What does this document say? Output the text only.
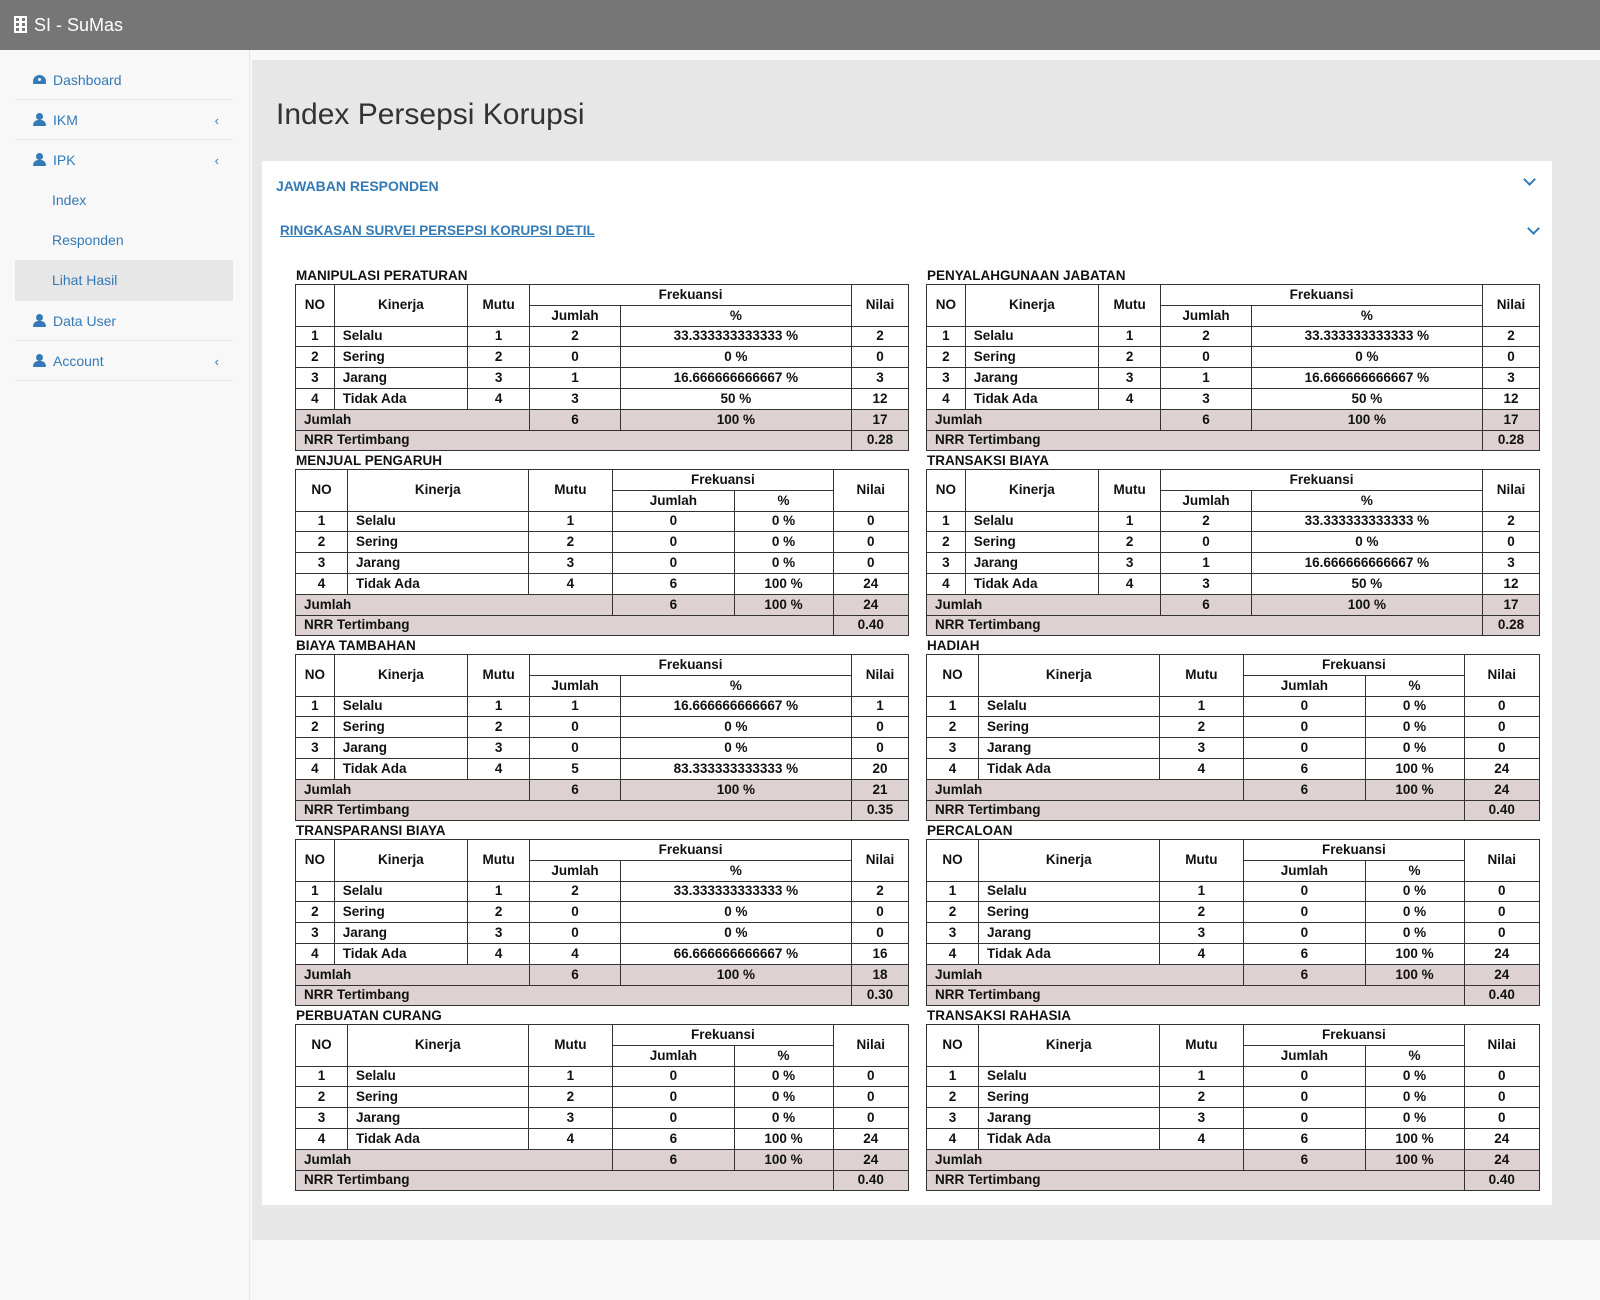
SI - SuMas
Dashboard
IKM	‹
IPK	‹
Index
Responden
Lihat Hasil
Data User
Account	‹
Index Persepsi Korupsi
JAWABAN RESPONDEN
RINGKASAN SURVEI PERSEPSI KORUPSI DETIL
MANIPULASI PERATURAN
NO	Kinerja	Mutu	Frekuansi		Nilai
			Jumlah	%	
1	Selalu	1	2	33.333333333333 %	2
2	Sering	2	0	0 %	0
3	Jarang	3	1	16.666666666667 %	3
4	Tidak Ada	4	3	50 %	12
Jumlah			6	100 %	17
NRR Tertimbang					0.28
PENYALAHGUNAAN JABATAN
NO	Kinerja	Mutu	Frekuansi		Nilai
			Jumlah	%	
1	Selalu	1	2	33.333333333333 %	2
2	Sering	2	0	0 %	0
3	Jarang	3	1	16.666666666667 %	3
4	Tidak Ada	4	3	50 %	12
Jumlah			6	100 %	17
NRR Tertimbang					0.28
MENJUAL PENGARUH
NO	Kinerja	Mutu	Frekuansi		Nilai
			Jumlah	%	
1	Selalu	1	0	0 %	0
2	Sering	2	0	0 %	0
3	Jarang	3	0	0 %	0
4	Tidak Ada	4	6	100 %	24
Jumlah			6	100 %	24
NRR Tertimbang					0.40
TRANSAKSI BIAYA
NO	Kinerja	Mutu	Frekuansi		Nilai
			Jumlah	%	
1	Selalu	1	2	33.333333333333 %	2
2	Sering	2	0	0 %	0
3	Jarang	3	1	16.666666666667 %	3
4	Tidak Ada	4	3	50 %	12
Jumlah			6	100 %	17
NRR Tertimbang					0.28
BIAYA TAMBAHAN
NO	Kinerja	Mutu	Frekuansi		Nilai
			Jumlah	%	
1	Selalu	1	1	16.666666666667 %	1
2	Sering	2	0	0 %	0
3	Jarang	3	0	0 %	0
4	Tidak Ada	4	5	83.333333333333 %	20
Jumlah			6	100 %	21
NRR Tertimbang					0.35
HADIAH
NO	Kinerja	Mutu	Frekuansi		Nilai
			Jumlah	%	
1	Selalu	1	0	0 %	0
2	Sering	2	0	0 %	0
3	Jarang	3	0	0 %	0
4	Tidak Ada	4	6	100 %	24
Jumlah			6	100 %	24
NRR Tertimbang					0.40
TRANSPARANSI BIAYA
NO	Kinerja	Mutu	Frekuansi		Nilai
			Jumlah	%	
1	Selalu	1	2	33.333333333333 %	2
2	Sering	2	0	0 %	0
3	Jarang	3	0	0 %	0
4	Tidak Ada	4	4	66.666666666667 %	16
Jumlah			6	100 %	18
NRR Tertimbang					0.30
PERCALOAN
NO	Kinerja	Mutu	Frekuansi		Nilai
			Jumlah	%	
1	Selalu	1	0	0 %	0
2	Sering	2	0	0 %	0
3	Jarang	3	0	0 %	0
4	Tidak Ada	4	6	100 %	24
Jumlah			6	100 %	24
NRR Tertimbang					0.40
PERBUATAN CURANG
NO	Kinerja	Mutu	Frekuansi		Nilai
			Jumlah	%	
1	Selalu	1	0	0 %	0
2	Sering	2	0	0 %	0
3	Jarang	3	0	0 %	0
4	Tidak Ada	4	6	100 %	24
Jumlah			6	100 %	24
NRR Tertimbang					0.40
TRANSAKSI RAHASIA
NO	Kinerja	Mutu	Frekuansi		Nilai
			Jumlah	%	
1	Selalu	1	0	0 %	0
2	Sering	2	0	0 %	0
3	Jarang	3	0	0 %	0
4	Tidak Ada	4	6	100 %	24
Jumlah			6	100 %	24
NRR Tertimbang					0.40
